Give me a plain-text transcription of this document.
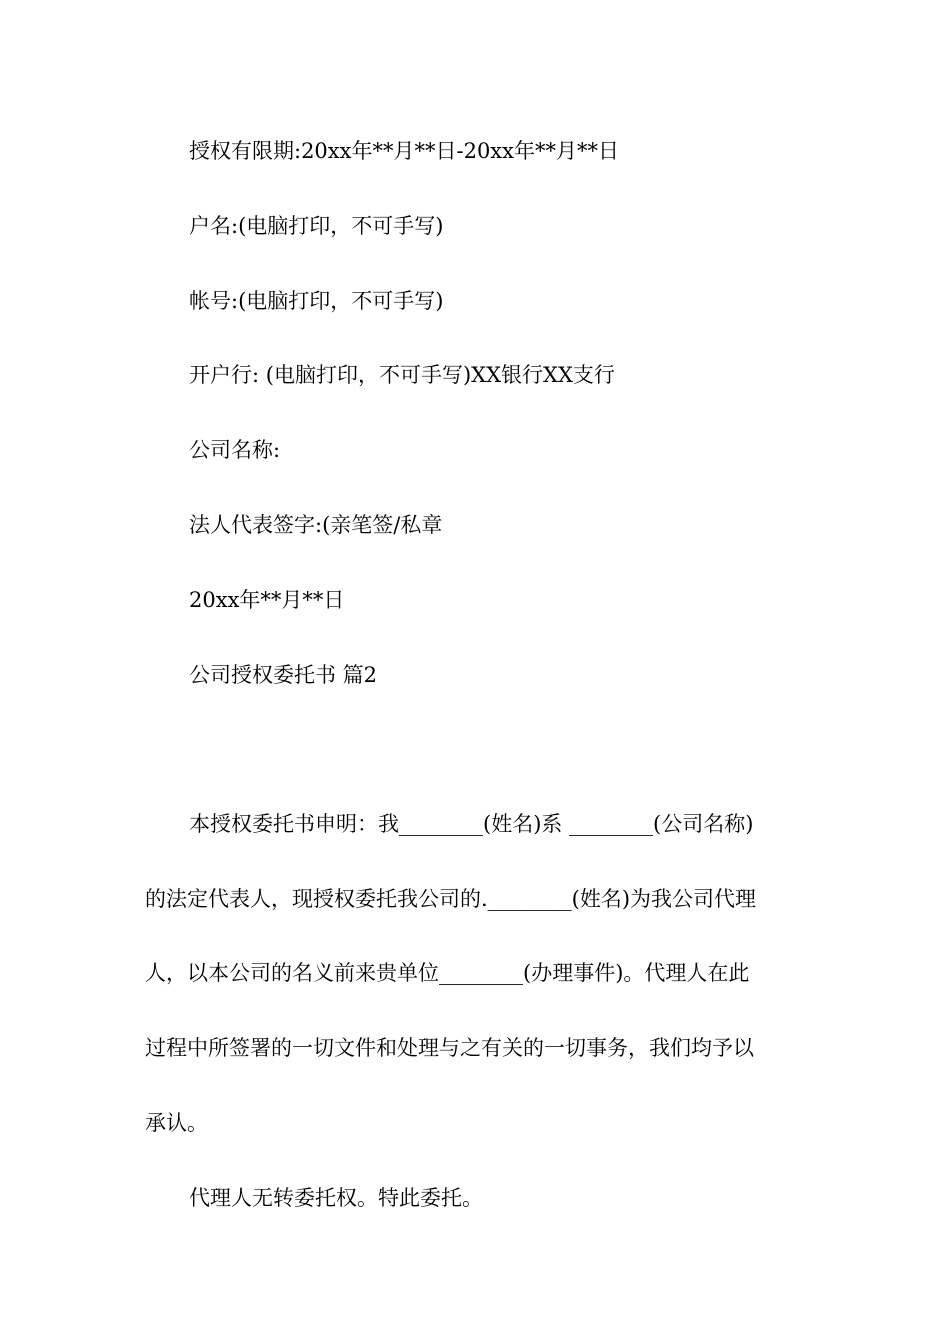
授权有限期:20xx年**月**日-20xx年**月**日
户名:(电脑打印，不可手写)
帐号:(电脑打印，不可手写)
开户行: (电脑打印，不可手写)XX银行XX支行
公司名称:
法人代表签字:(亲笔签/私章
20xx年**月**日
公司授权委托书 篇2
本授权委托书申明：我________(姓名)系 ________(公司名称)
的法定代表人，现授权委托我公司的.________(姓名)为我公司代理
人，以本公司的名义前来贵单位________(办理事件)。代理人在此
过程中所签署的一切文件和处理与之有关的一切事务，我们均予以
承认。
代理人无转委托权。特此委托。
